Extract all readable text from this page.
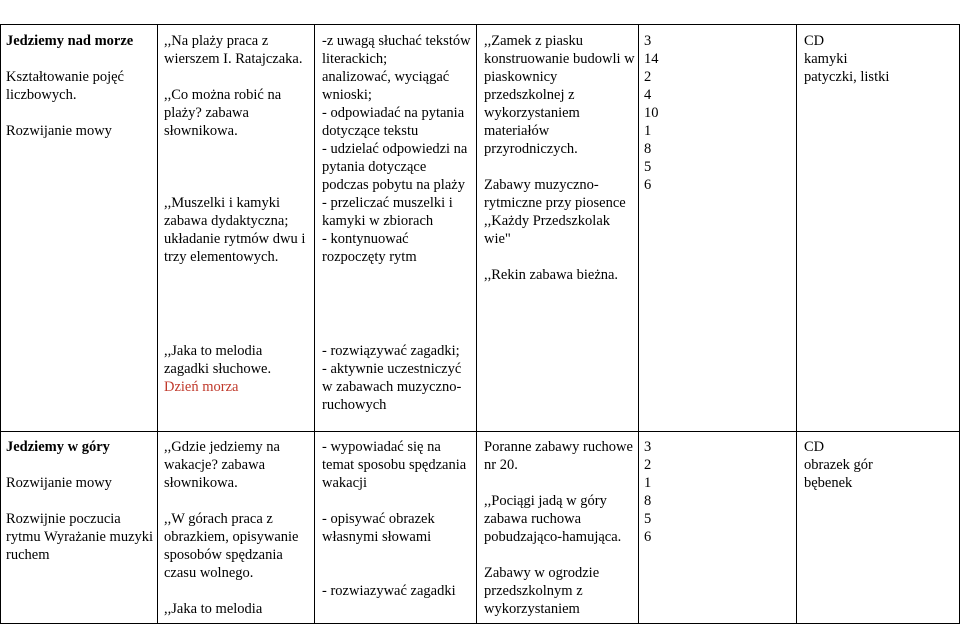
Jedziemy nad morze
Kształtowanie pojęć liczbowych.
Rozwijanie mowy
,,Na plaży praca z wierszem I. Ratajczaka.
,,Co można robić na plaży? zabawa słownikowa.
,,Muszelki i kamyki zabawa dydaktyczna; układanie rytmów dwu i trzy elementowych.
-z uwagą słuchać tekstów literackich;
analizować, wyciągać wnioski;
- odpowiadać na pytania dotyczące tekstu
- udzielać odpowiedzi na pytania dotyczące podczas pobytu na plaży
- przeliczać muszelki i kamyki w zbiorach
- kontynuować rozpoczęty rytm
,,Zamek z piasku konstruowanie budowli w piaskownicy przedszkolnej z wykorzystaniem materiałów przyrodniczych.
Zabawy muzyczno-rytmiczne przy piosence ,,Każdy Przedszkolak wie"
,,Rekin zabawa bieżna.
3
14
2
4
10
1
8
5
6
CD
kamyki
patyczki, listki
,,Jaka to melodia
zagadki słuchowe.
Dzień morza
- rozwiązywać zagadki;
- aktywnie uczestniczyć w zabawach muzyczno-ruchowych
Jedziemy w góry
Rozwijanie mowy
Rozwijnie poczucia rytmu Wyrażanie muzyki ruchem
,,Gdzie jedziemy na wakacje? zabawa słownikowa.
,,W górach praca z obrazkiem, opisywanie sposobów spędzania czasu wolnego.
,,Jaka to melodia
- wypowiadać się na temat sposobu spędzania wakacji
- opisywać obrazek własnymi słowami
- rozwiazywać zagadki
Poranne zabawy ruchowe nr 20.
,,Pociągi jadą w góry zabawa ruchowa pobudzająco-hamująca.
Zabawy w ogrodzie przedszkolnym z wykorzystaniem
3
2
1
8
5
6
CD
obrazek gór
bębenek
